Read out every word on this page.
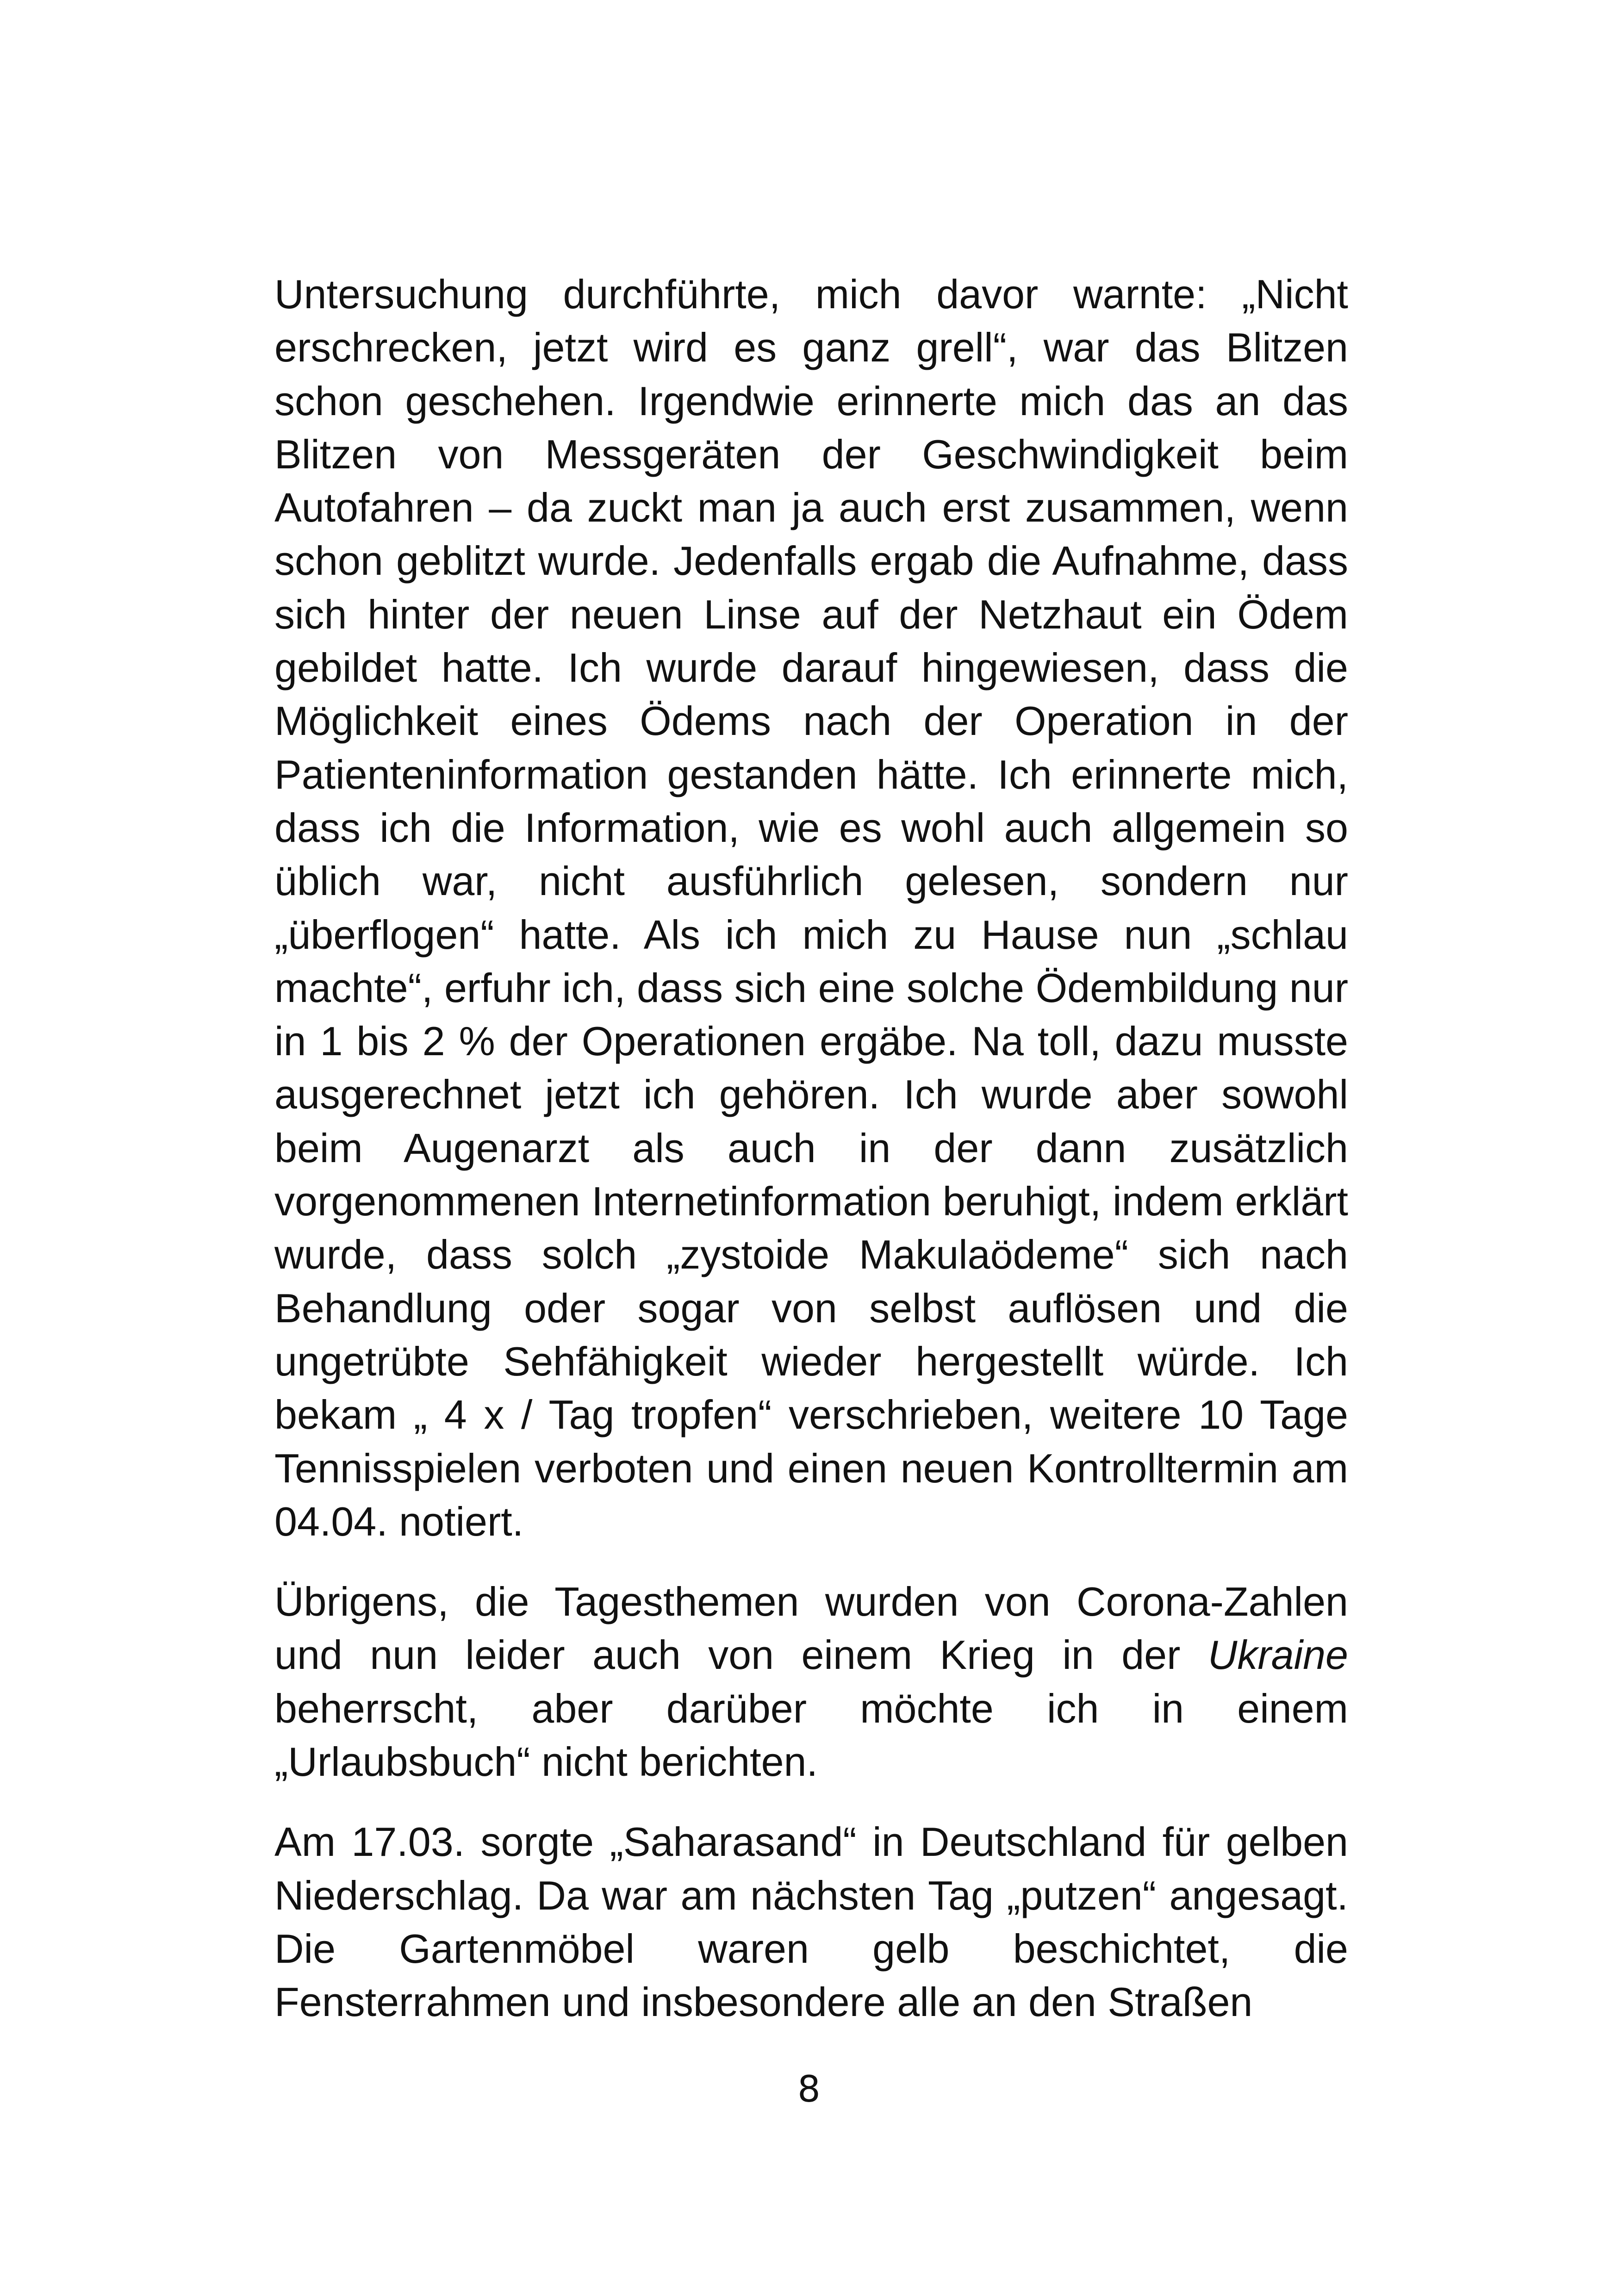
Untersuchung durchführte, mich davor warnte: „Nicht erschrecken, jetzt wird es ganz grell“, war das Blitzen schon geschehen. Irgendwie erinnerte mich das an das Blitzen von Messgeräten der Geschwindigkeit beim Autofahren – da zuckt man ja auch erst zusammen, wenn schon geblitzt wurde. Jedenfalls ergab die Aufnahme, dass sich hinter der neuen Linse auf der Netzhaut ein Ödem gebildet hatte. Ich wurde darauf hingewiesen, dass die Möglichkeit eines Ödems nach der Operation in der Patienteninformation gestanden hätte. Ich erinnerte mich, dass ich die Information, wie es wohl auch allgemein so üblich war, nicht ausführlich gelesen, sondern nur „überflogen“ hatte. Als ich mich zu Hause nun „schlau machte“, erfuhr ich, dass sich eine solche Ödembildung nur in 1 bis 2 % der Operationen ergäbe. Na toll, dazu musste ausgerechnet jetzt ich gehören. Ich wurde aber sowohl beim Augenarzt als auch in der dann zusätzlich vorgenommenen Internetinformation beruhigt, indem erklärt wurde, dass solch „zystoide Makulaödeme“ sich nach Behandlung oder sogar von selbst auflösen und die ungetrübte Sehfähigkeit wieder hergestellt würde. Ich bekam „ 4 x / Tag tropfen“ verschrieben, weitere 10 Tage Tennisspielen verboten und einen neuen Kontrolltermin am 04.04. notiert.

Übrigens, die Tagesthemen wurden von Corona-Zahlen und nun leider auch von einem Krieg in der Ukraine beherrscht, aber darüber möchte ich in einem „Urlaubsbuch“ nicht berichten.

Am 17.03. sorgte „Saharasand“ in Deutschland für gelben Niederschlag. Da war am nächsten Tag „putzen“ angesagt. Die Gartenmöbel waren gelb beschichtet, die Fensterrahmen und insbesondere alle an den Straßen

8
